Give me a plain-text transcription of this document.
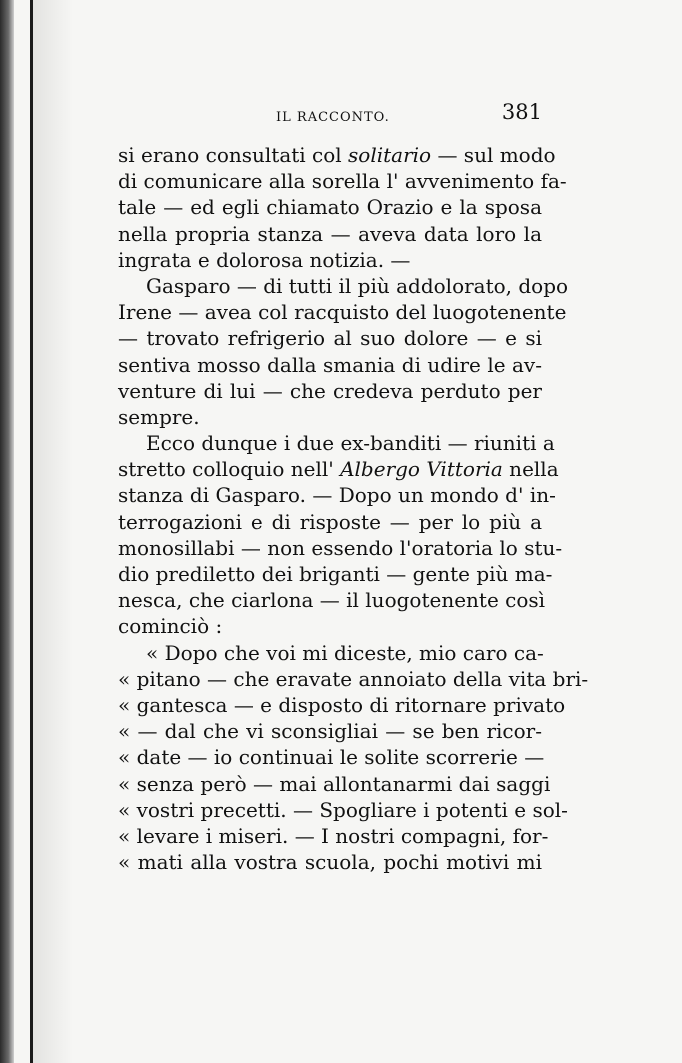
IL RACCONTO.	381
si erano consultati col solitario — sul modo
di comunicare alla sorella l' avvenimento fa-
tale — ed egli chiamato Orazio e la sposa
nella propria stanza — aveva data loro la
ingrata e dolorosa notizia. —
Gasparo — di tutti il più addolorato, dopo
Irene — avea col racquisto del luogotenente
— trovato refrigerio al suo dolore — e si
sentiva mosso dalla smania di udire le av-
venture di lui — che credeva perduto per
sempre.
Ecco dunque i due ex-banditi — riuniti a
stretto colloquio nell' Albergo Vittoria nella
stanza di Gasparo. — Dopo un mondo d' in-
terrogazioni e di risposte — per lo più a
monosillabi — non essendo l'oratoria lo stu-
dio prediletto dei briganti — gente più ma-
nesca, che ciarlona — il luogotenente così
cominciò :
« Dopo che voi mi diceste, mio caro ca-
« pitano — che eravate annoiato della vita bri-
« gantesca — e disposto di ritornare privato
« — dal che vi sconsigliai — se ben ricor-
« date — io continuai le solite scorrerie —
« senza però — mai allontanarmi dai saggi
« vostri precetti. — Spogliare i potenti e sol-
« levare i miseri. — I nostri compagni, for-
« mati alla vostra scuola, pochi motivi mi
